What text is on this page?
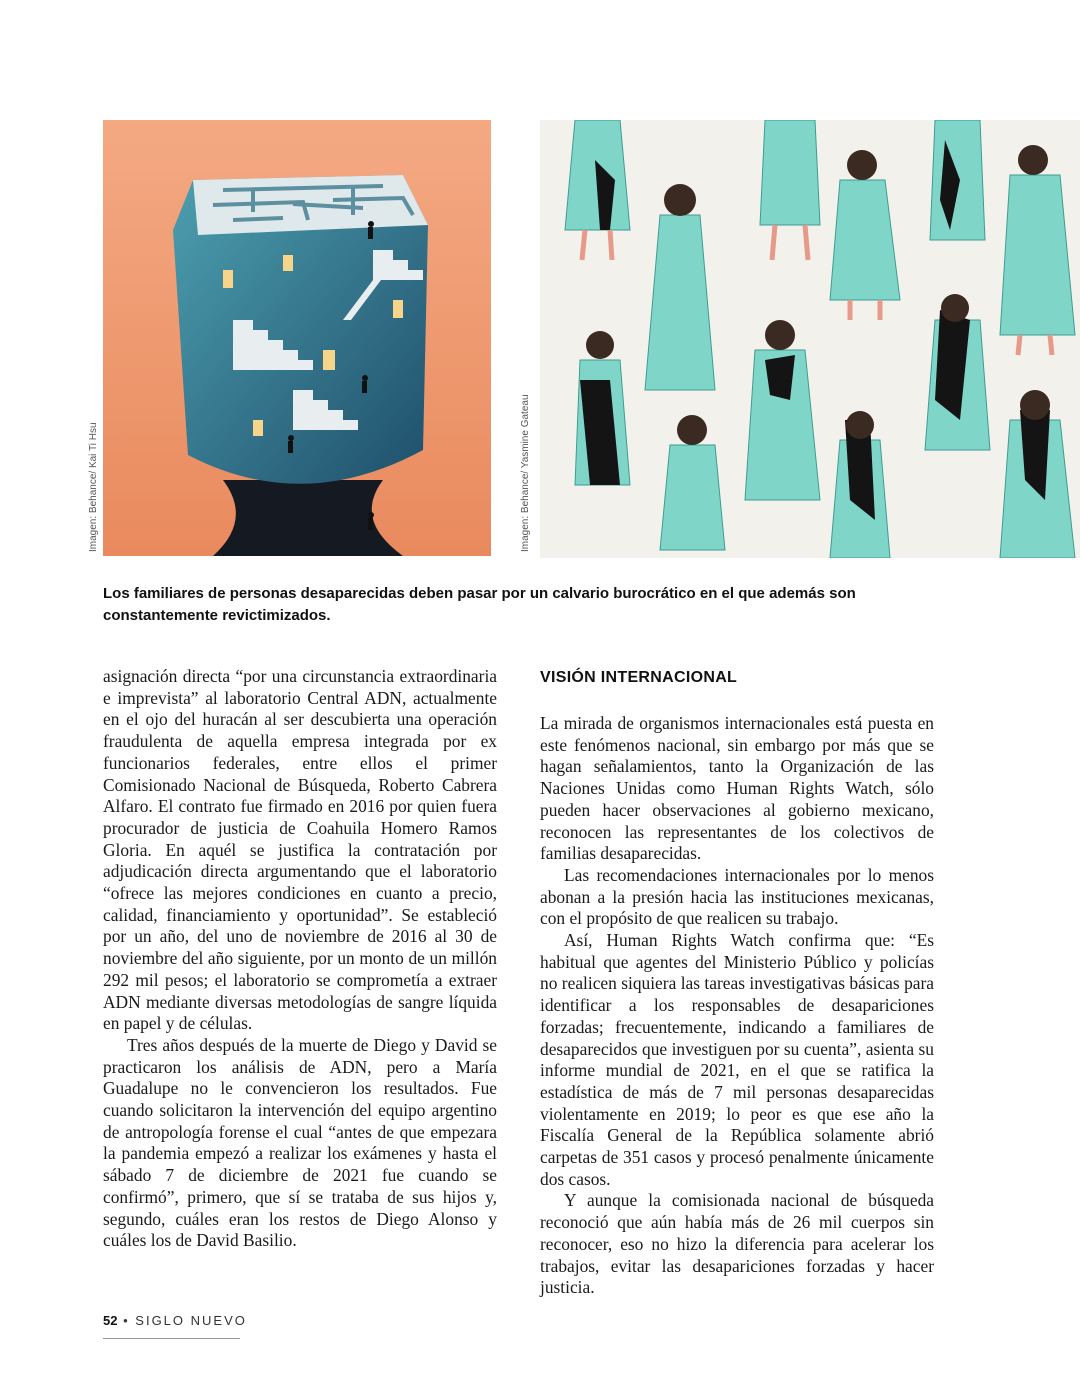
Imagen: Behance/ Kai Ti Hsu	Imagen: Behance/ Yasmine Gateau
Los familiares de personas desaparecidas deben pasar por un calvario burocrático en el que además son constantemente revictimizados.

asignación directa “por una circunstancia extraordinaria e imprevista” al laboratorio Central ADN, actualmente en el ojo del huracán al ser descubierta una operación fraudulenta de aquella empresa integrada por ex funcionarios federales, entre ellos el primer Comisionado Nacional de Búsqueda, Roberto Cabrera Alfaro. El contrato fue firmado en 2016 por quien fuera procurador de justicia de Coahuila Homero Ramos Gloria. En aquél se justifica la contratación por adjudicación directa argumentando que el laboratorio “ofrece las mejores condiciones en cuanto a precio, calidad, financiamiento y oportunidad”. Se estableció por un año, del uno de noviembre de 2016 al 30 de noviembre del año siguiente, por un monto de un millón 292 mil pesos; el laboratorio se comprometía a extraer ADN mediante diversas metodologías de sangre líquida en papel y de células.

Tres años después de la muerte de Diego y David se practicaron los análisis de ADN, pero a María Guadalupe no le convencieron los resultados. Fue cuando solicitaron la intervención del equipo argentino de antropología forense el cual “antes de que empezara la pandemia empezó a realizar los exámenes y hasta el sábado 7 de diciembre de 2021 fue cuando se confirmó”, primero, que sí se trataba de sus hijos y, segundo, cuáles eran los restos de Diego Alonso y cuáles los de David Basilio.

VISIÓN INTERNACIONAL

La mirada de organismos internacionales está puesta en este fenómenos nacional, sin embargo por más que se hagan señalamientos, tanto la Organización de las Naciones Unidas como Human Rights Watch, sólo pueden hacer observaciones al gobierno mexicano, reconocen las representantes de los colectivos de familias desaparecidas.

Las recomendaciones internacionales por lo menos abonan a la presión hacia las instituciones mexicanas, con el propósito de que realicen su trabajo.

Así, Human Rights Watch confirma que: “Es habitual que agentes del Ministerio Público y policías no realicen siquiera las tareas investigativas básicas para identificar a los responsables de desapariciones forzadas; frecuentemente, indicando a familiares de desaparecidos que investiguen por su cuenta”, asienta su informe mundial de 2021, en el que se ratifica la estadística de más de 7 mil personas desaparecidas violentamente en 2019; lo peor es que ese año la Fiscalía General de la República solamente abrió carpetas de 351 casos y procesó penalmente únicamente dos casos.

Y aunque la comisionada nacional de búsqueda reconoció que aún había más de 26 mil cuerpos sin reconocer, eso no hizo la diferencia para acelerar los trabajos, evitar las desapariciones forzadas y hacer justicia.

52 • SIGLO NUEVO
